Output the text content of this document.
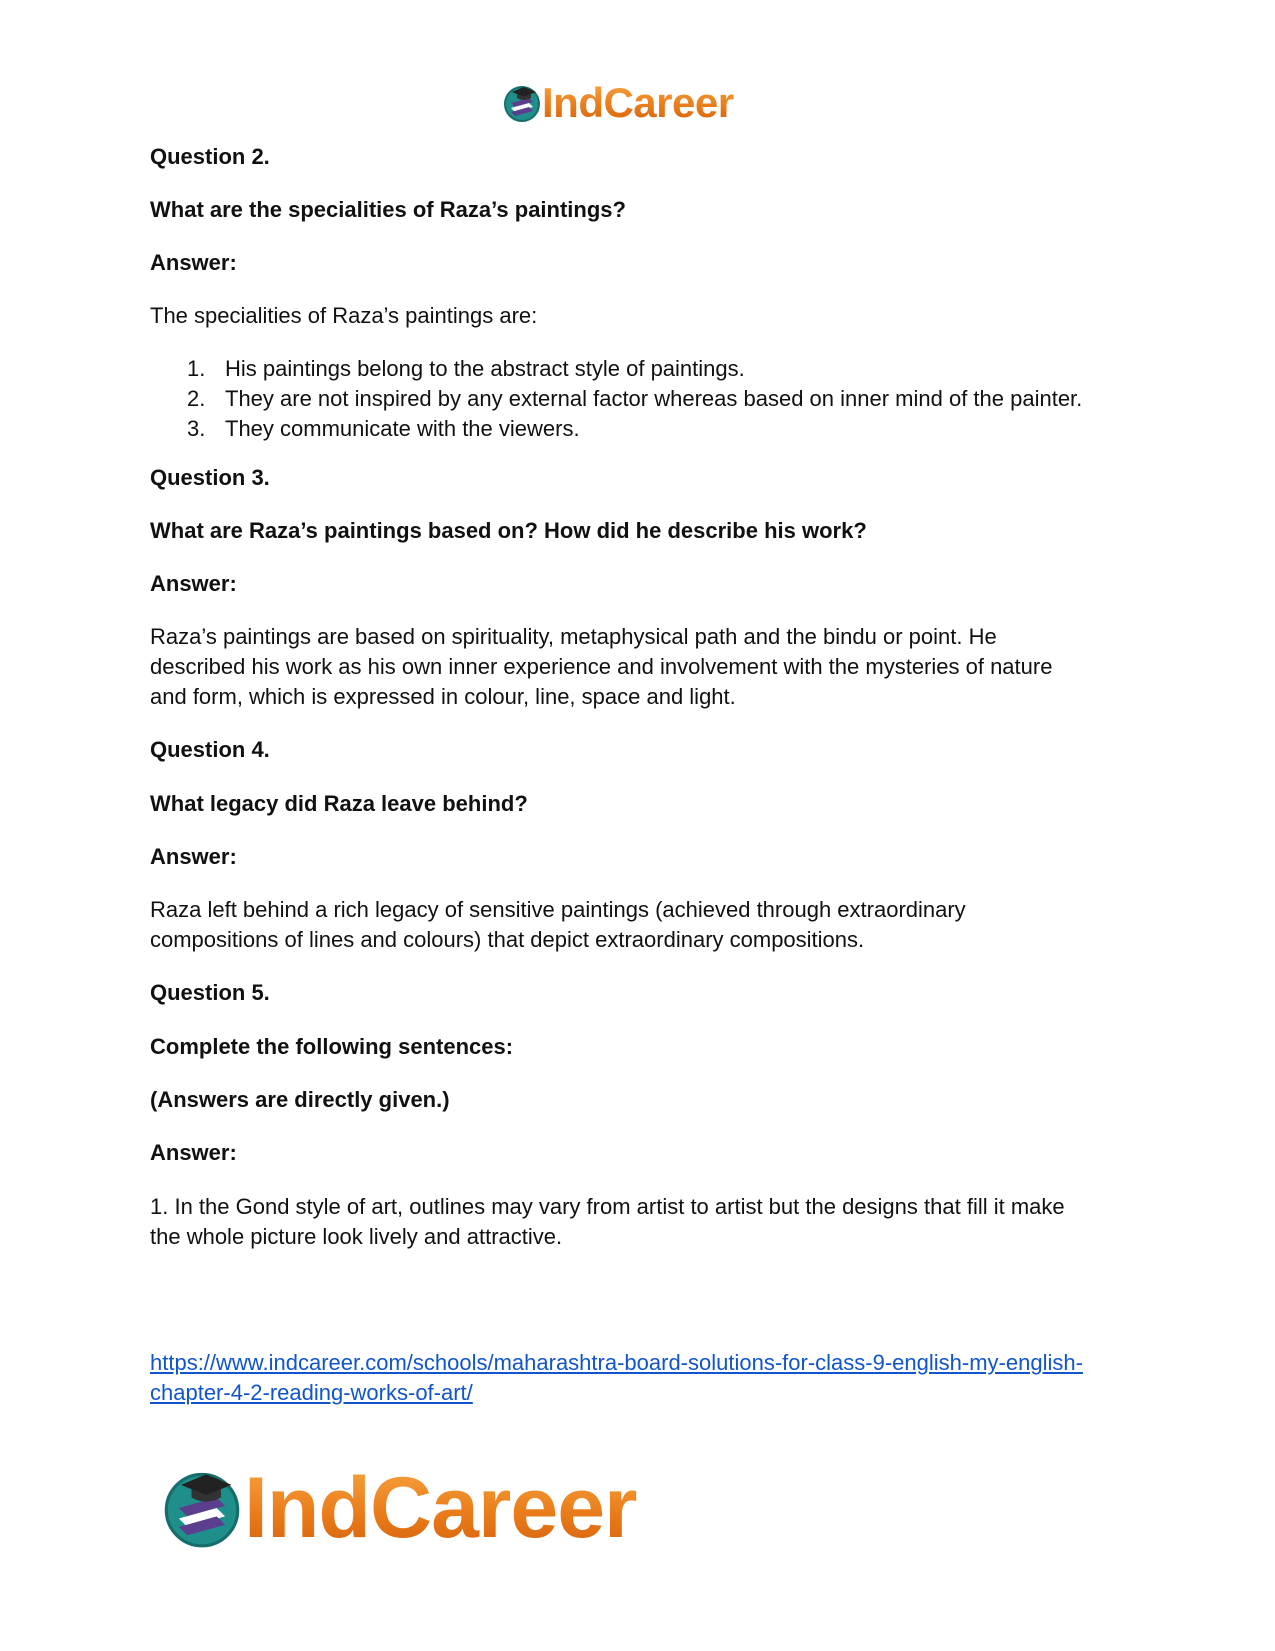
IndCareer
Question 2.
What are the specialities of Raza’s paintings?
Answer:
The specialities of Raza’s paintings are:
1. His paintings belong to the abstract style of paintings.
2. They are not inspired by any external factor whereas based on inner mind of the painter.
3. They communicate with the viewers.
Question 3.
What are Raza’s paintings based on? How did he describe his work?
Answer:
Raza’s paintings are based on spirituality, metaphysical path and the bindu or point. He
described his work as his own inner experience and involvement with the mysteries of nature
and form, which is expressed in colour, line, space and light.
Question 4.
What legacy did Raza leave behind?
Answer:
Raza left behind a rich legacy of sensitive paintings (achieved through extraordinary
compositions of lines and colours) that depict extraordinary compositions.
Question 5.
Complete the following sentences:
(Answers are directly given.)
Answer:
1. In the Gond style of art, outlines may vary from artist to artist but the designs that fill it make
the whole picture look lively and attractive.
https://www.indcareer.com/schools/maharashtra-board-solutions-for-class-9-english-my-english-
chapter-4-2-reading-works-of-art/
IndCareer
